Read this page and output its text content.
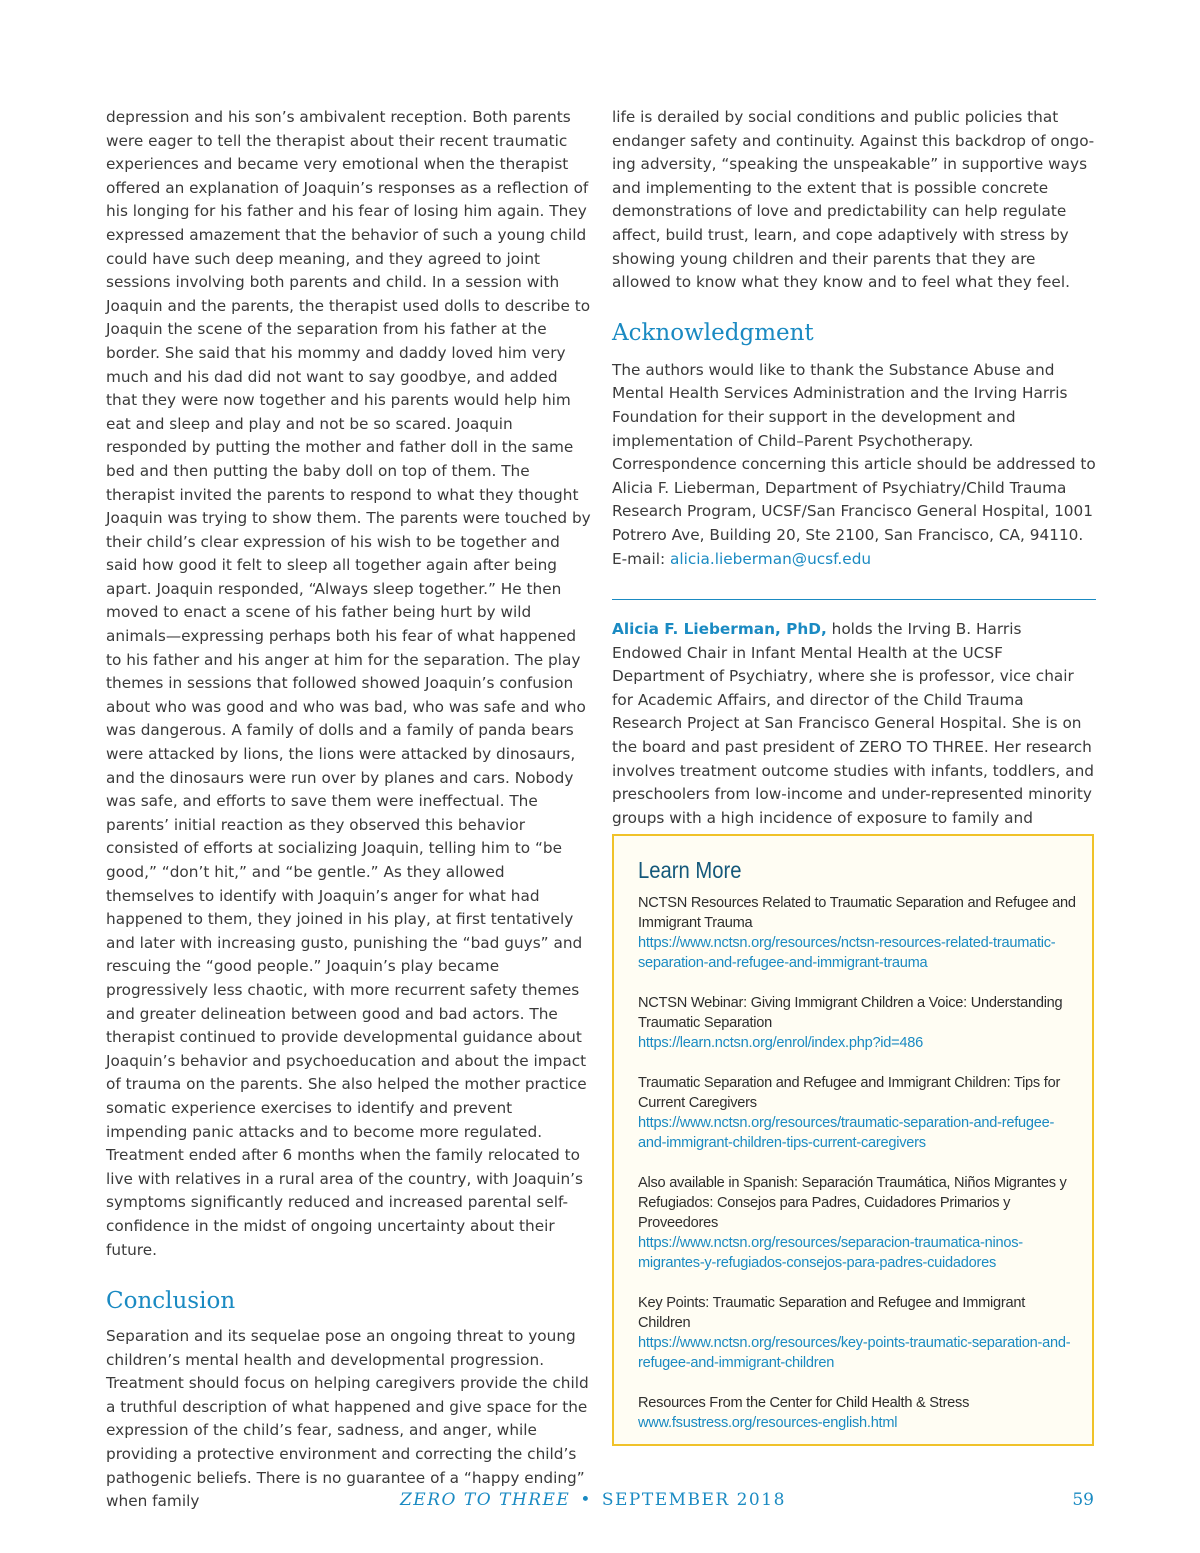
depression and his son’s ambivalent reception. Both parents were eager to tell the therapist about their recent traumatic experiences and became very emotional when the therapist offered an explanation of Joaquin’s responses as a reflection of his longing for his father and his fear of losing him again. They expressed amazement that the behavior of such a young child could have such deep meaning, and they agreed to joint sessions involving both parents and child. In a session with Joaquin and the parents, the therapist used dolls to describe to Joaquin the scene of the separation from his father at the border. She said that his mommy and daddy loved him very much and his dad did not want to say goodbye, and added that they were now together and his parents would help him eat and sleep and play and not be so scared. Joaquin responded by putting the mother and father doll in the same bed and then putting the baby doll on top of them. The therapist invited the parents to respond to what they thought Joaquin was trying to show them. The parents were touched by their child’s clear expression of his wish to be together and said how good it felt to sleep all together again after being apart. Joaquin responded, “Always sleep together.” He then moved to enact a scene of his father being hurt by wild animals—expressing perhaps both his fear of what happened to his father and his anger at him for the separation. The play themes in sessions that followed showed Joaquin’s confusion about who was good and who was bad, who was safe and who was dangerous. A family of dolls and a family of panda bears were attacked by lions, the lions were attacked by dinosaurs, and the dinosaurs were run over by planes and cars. Nobody was safe, and efforts to save them were ineffectual. The parents’ initial reaction as they observed this behavior consisted of efforts at socializing Joaquin, telling him to “be good,” “don’t hit,” and “be gentle.” As they allowed themselves to identify with Joaquin’s anger for what had happened to them, they joined in his play, at first tentatively and later with increasing gusto, punishing the “bad guys” and rescuing the “good people.” Joaquin’s play became progressively less chaotic, with more recurrent safety themes and greater delineation between good and bad actors. The therapist continued to provide developmental guidance about Joaquin’s behavior and psychoeducation and about the impact of trauma on the parents. She also helped the mother practice somatic experience exercises to identify and prevent impending panic attacks and to become more regulated. Treatment ended after 6 months when the family relocated to live with relatives in a rural area of the country, with Joaquin’s symptoms significantly reduced and increased parental self-confidence in the midst of ongoing uncertainty about their future.

Conclusion

Separation and its sequelae pose an ongoing threat to young children’s mental health and developmental progression. Treatment should focus on helping caregivers provide the child a truthful description of what happened and give space for the expression of the child’s fear, sadness, and anger, while providing a protective environment and correcting the child’s pathogenic beliefs. There is no guarantee of a “happy ending” when family

life is derailed by social conditions and public policies that endanger safety and continuity. Against this backdrop of ongoing adversity, “speaking the unspeakable” in supportive ways and implementing to the extent that is possible concrete demonstrations of love and predictability can help regulate affect, build trust, learn, and cope adaptively with stress by showing young children and their parents that they are allowed to know what they know and to feel what they feel.

Acknowledgment

The authors would like to thank the Substance Abuse and Mental Health Services Administration and the Irving Harris Foundation for their support in the development and implementation of Child–Parent Psychotherapy. Correspondence concerning this article should be addressed to Alicia F. Lieberman, Department of Psychiatry/Child Trauma Research Program, UCSF/San Francisco General Hospital, 1001 Potrero Ave, Building 20, Ste 2100, San Francisco, CA, 94110. E-mail: alicia.lieberman@ucsf.edu

Alicia F. Lieberman, PhD, holds the Irving B. Harris Endowed Chair in Infant Mental Health at the UCSF Department of Psychiatry, where she is professor, vice chair for Academic Affairs, and director of the Child Trauma Research Project at San Francisco General Hospital. She is on the board and past president of ZERO TO THREE. Her research involves treatment outcome studies with infants, toddlers, and preschoolers from low-income and under-represented minority groups with a high incidence of exposure to family and

Learn More
NCTSN Resources Related to Traumatic Separation and Refugee and Immigrant Trauma
https://www.nctsn.org/resources/nctsn-resources-related-traumatic-separation-and-refugee-and-immigrant-trauma
NCTSN Webinar: Giving Immigrant Children a Voice: Understanding Traumatic Separation
https://learn.nctsn.org/enrol/index.php?id=486
Traumatic Separation and Refugee and Immigrant Children: Tips for Current Caregivers
https://www.nctsn.org/resources/traumatic-separation-and-refugee-and-immigrant-children-tips-current-caregivers
Also available in Spanish: Separación Traumática, Niños Migrantes y Refugiados: Consejos para Padres, Cuidadores Primarios y Proveedores
https://www.nctsn.org/resources/separacion-traumatica-ninos-migrantes-y-refugiados-consejos-para-padres-cuidadores
Key Points: Traumatic Separation and Refugee and Immigrant Children
https://www.nctsn.org/resources/key-points-traumatic-separation-and-refugee-and-immigrant-children
Resources From the Center for Child Health & Stress
www.fsustress.org/resources-english.html
ZERO TO THREE • SEPTEMBER 2018	59
